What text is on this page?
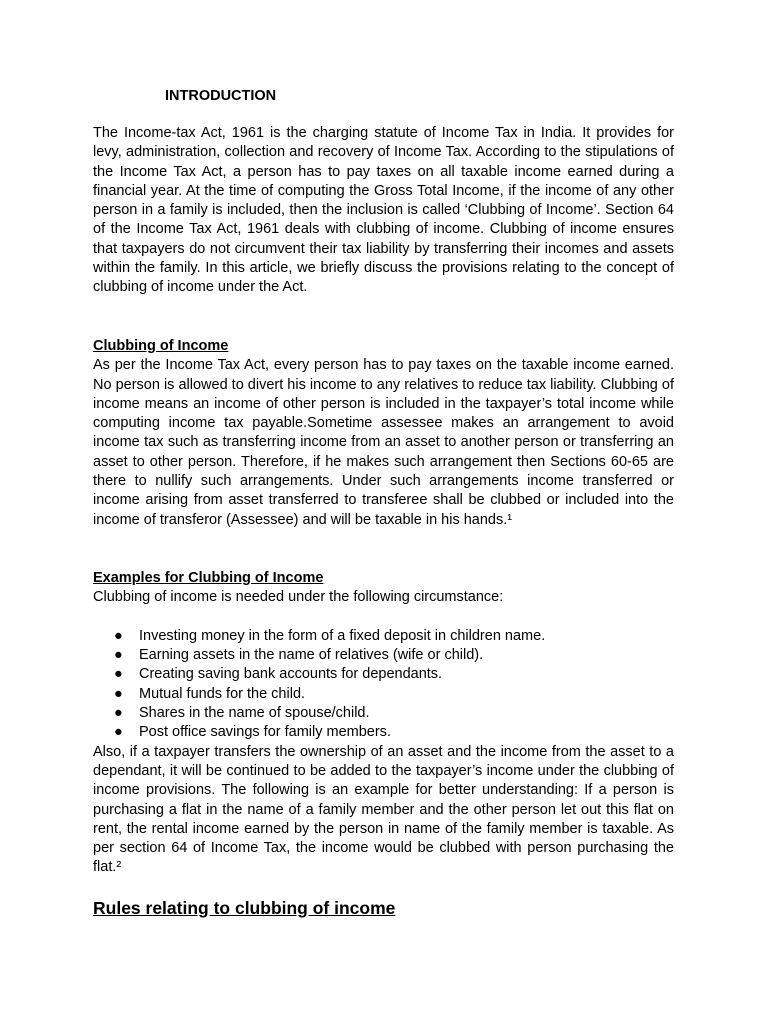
INTRODUCTION

The Income-tax Act, 1961 is the charging statute of Income Tax in India. It provides for levy, administration, collection and recovery of Income Tax. According to the stipulations of the Income Tax Act, a person has to pay taxes on all taxable income earned during a financial year. At the time of computing the Gross Total Income, if the income of any other person in a family is included, then the inclusion is called ‘Clubbing of Income’. Section 64 of the Income Tax Act, 1961 deals with clubbing of income. Clubbing of income ensures that taxpayers do not circumvent their tax liability by transferring their incomes and assets within the family. In this article, we briefly discuss the provisions relating to the concept of clubbing of income under the Act.

Clubbing of Income

As per the Income Tax Act, every person has to pay taxes on the taxable income earned. No person is allowed to divert his income to any relatives to reduce tax liability. Clubbing of income means an income of other person is included in the taxpayer’s total income while computing income tax payable.Sometime assessee makes an arrangement to avoid income tax such as transferring income from an asset to another person or transferring an asset to other person. Therefore, if he makes such arrangement then Sections 60-65 are there to nullify such arrangements. Under such arrangements income transferred or income arising from asset transferred to transferee shall be clubbed or included into the income of transferor (Assessee) and will be taxable in his hands.¹

Examples for Clubbing of Income

Clubbing of income is needed under the following circumstance:

● Investing money in the form of a fixed deposit in children name.
● Earning assets in the name of relatives (wife or child).
● Creating saving bank accounts for dependants.
● Mutual funds for the child.
● Shares in the name of spouse/child.
● Post office savings for family members.

Also, if a taxpayer transfers the ownership of an asset and the income from the asset to a dependant, it will be continued to be added to the taxpayer’s income under the clubbing of income provisions. The following is an example for better understanding: If a person is purchasing a flat in the name of a family member and the other person let out this flat on rent, the rental income earned by the person in name of the family member is taxable. As per section 64 of Income Tax, the income would be clubbed with person purchasing the flat.²

Rules relating to clubbing of income
